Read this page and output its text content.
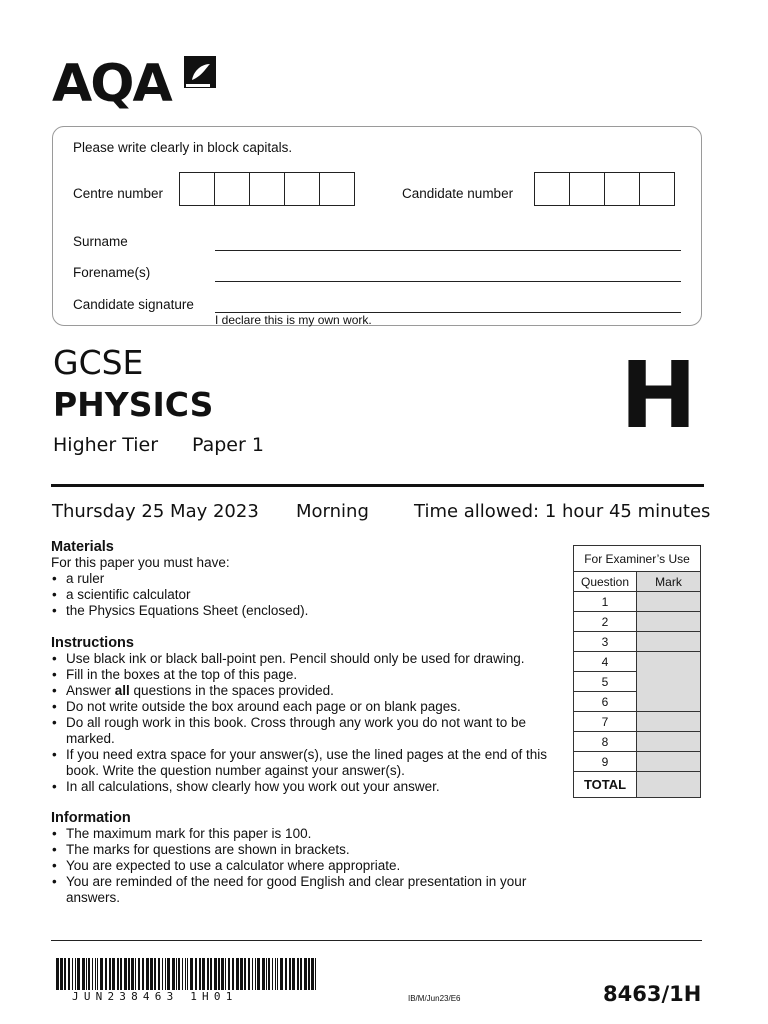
AQA
Please write clearly in block capitals.
Centre number	Candidate number
Surname
Forename(s)
Candidate signature
I declare this is my own work.
GCSE
PHYSICS
Higher Tier Paper 1	H
Thursday 25 May 2023 Morning	Time allowed: 1 hour 45 minutes
Materials
For this paper you must have:
• a ruler
• a scientific calculator
• the Physics Equations Sheet (enclosed).
Instructions
• Use black ink or black ball-point pen. Pencil should only be used for drawing.
• Fill in the boxes at the top of this page.
• Answer all questions in the spaces provided.
• Do not write outside the box around each page or on blank pages.
• Do all rough work in this book. Cross through any work you do not want to be marked.
• If you need extra space for your answer(s), use the lined pages at the end of this book. Write the question number against your answer(s).
• In all calculations, show clearly how you work out your answer.
Information
• The maximum mark for this paper is 100.
• The marks for questions are shown in brackets.
• You are expected to use a calculator where appropriate.
• You are reminded of the need for good English and clear presentation in your answers.
For Examiner’s Use	
Question	Mark
1	
2	
3	
4	
5	
6	
7	
8	
9	
TOTAL	
JUN238463 1H01	IB/M/Jun23/E6	8463/1H
